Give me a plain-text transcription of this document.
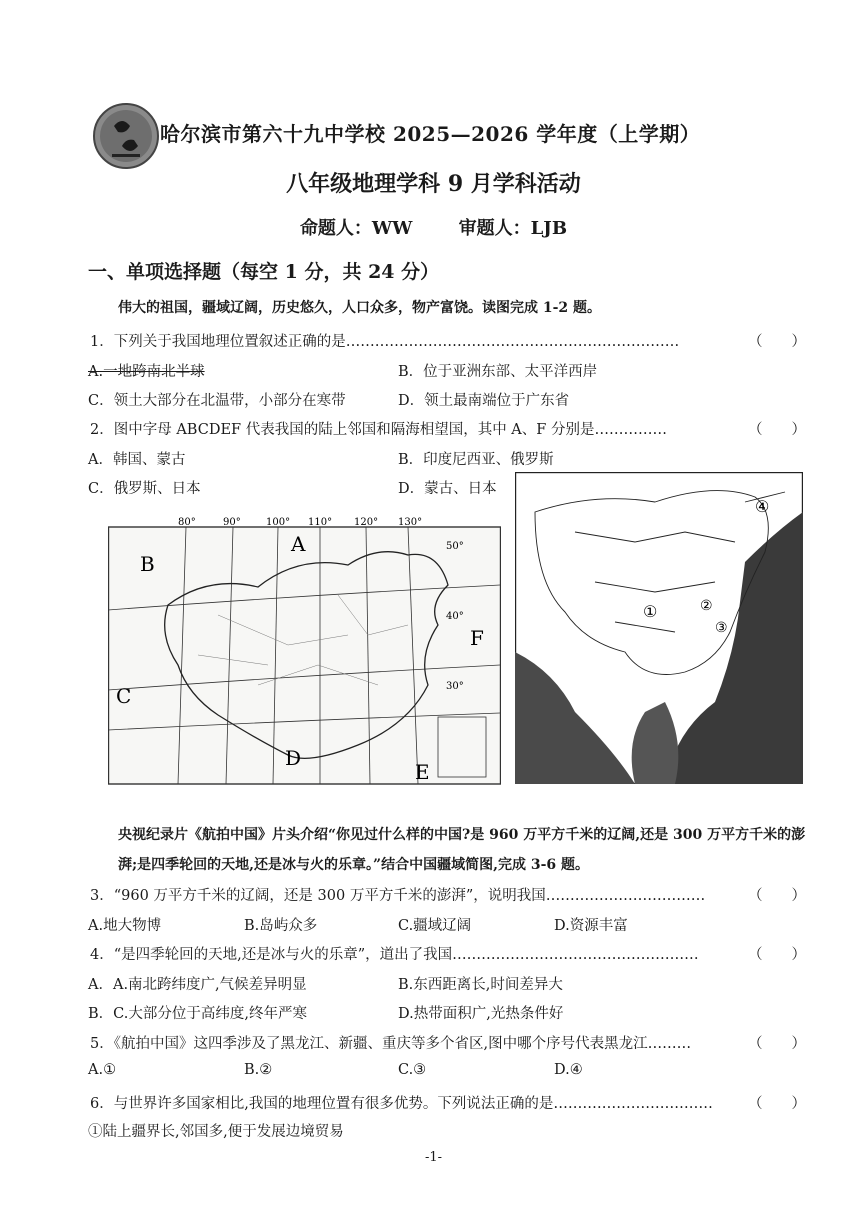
哈尔滨市第六十九中学校 2025—2026 学年度（上学期）
八年级地理学科 9 月学科活动
命题人：WW	审题人：LJB
一、单项选择题（每空 1 分，共 24 分）
伟大的祖国，疆域辽阔，历史悠久，人口众多，物产富饶。读图完成 1-2 题。
1．下列关于我国地理位置叙述正确的是……………………………………………………………	（　　）
A.一地跨南北半球	B．位于亚洲东部、太平洋西岸
C．领土大部分在北温带，小部分在寒带	D．领土最南端位于广东省
2．图中字母 ABCDEF 代表我国的陆上邻国和隔海相望国，其中 A、F 分别是……………	（　　）
A．韩国、蒙古	B．印度尼西亚、俄罗斯
C．俄罗斯、日本	D．蒙古、日本
80°	90°	100° 110° 120° 130°
50°
40°
30°
A
B
C
D
E
F
①	②
③
④
央视纪录片《航拍中国》片头介绍“你见过什么样的中国?是 960 万平方千米的辽阔,还是 300 万平方千米的澎湃;是四季轮回的天地,还是冰与火的乐章。”结合中国疆域简图,完成 3-6 题。
3．“960 万平方千米的辽阔，还是 300 万平方千米的澎湃”，说明我国……………………………	（　　）
A.地大物博	B.岛屿众多	C.疆域辽阔	D.资源丰富
4．“是四季轮回的天地,还是冰与火的乐章”，道出了我国……………………………………………	（　　）
A．A.南北跨纬度广,气候差异明显	B.东西距离长,时间差异大
B．C.大部分位于高纬度,终年严寒	D.热带面积广,光热条件好
5．《航拍中国》这四季涉及了黑龙江、新疆、重庆等多个省区,图中哪个序号代表黑龙江………	（　　）
A.①	B.②	C.③	D.④
6．与世界许多国家相比,我国的地理位置有很多优势。下列说法正确的是…………………………… （　　）
①陆上疆界长,邻国多,便于发展边境贸易
-1-
